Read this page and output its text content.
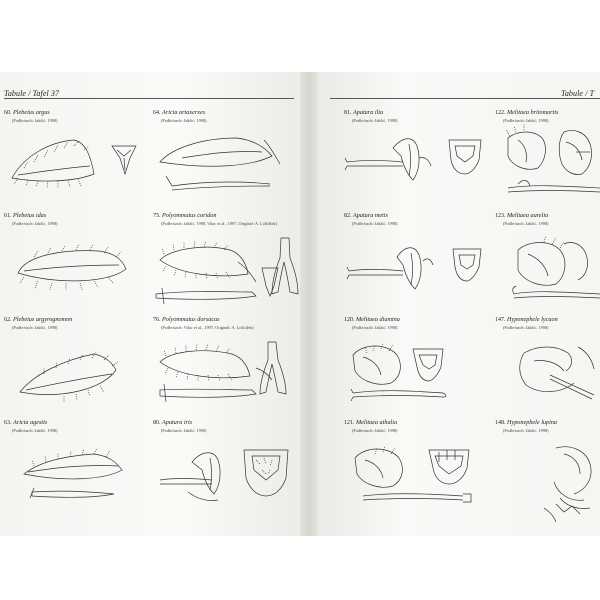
Tabule / Tafel 37	Tabule / T
60. Plebeius argus
(Podle/nach: Jakšić, 1998)
64. Aricia artaxerxes
(Podle/nach: Jakšić, 1998)
61. Plebeius idas
(Podle/nach: Jakšić, 1998)
75. Polyommatus coridon
(Podle/nach: Jakšić, 1998, Vilac et al., 1997, Originál: A. Lošťálek)
62. Plebeius argyrognomon
(Podle/nach: Jakšić, 1998)
76. Polyommatus dorsacus
(Podle/nach: Vilac et al., 1997, Originál: A. Lošťálek)
63. Aricia agestis
(Podle/nach: Jakšić, 1998)
80. Apatura iris
(Podle/nach: Jakšić, 1998)
81. Apatura ilia
(Podle/nach: Jakšić, 1998)
122. Melitaea britomartis
(Podle/nach: Jakšić, 1998)
82. Apatura metis
(Podle/nach: Jakšić, 1998)
123. Melitaea aurelia
(Podle/nach: Jakšić, 1998)
120. Melitaea diamina
(Podle/nach: Jakšić, 1998)
147. Hyponephele lycaon
(Podle/nach: Jakšić, 1998)
121. Melitaea athalia
(Podle/nach: Jakšić, 1998)
148. Hyponephele lupina
(Podle/nach: Jakšić, 1998)
